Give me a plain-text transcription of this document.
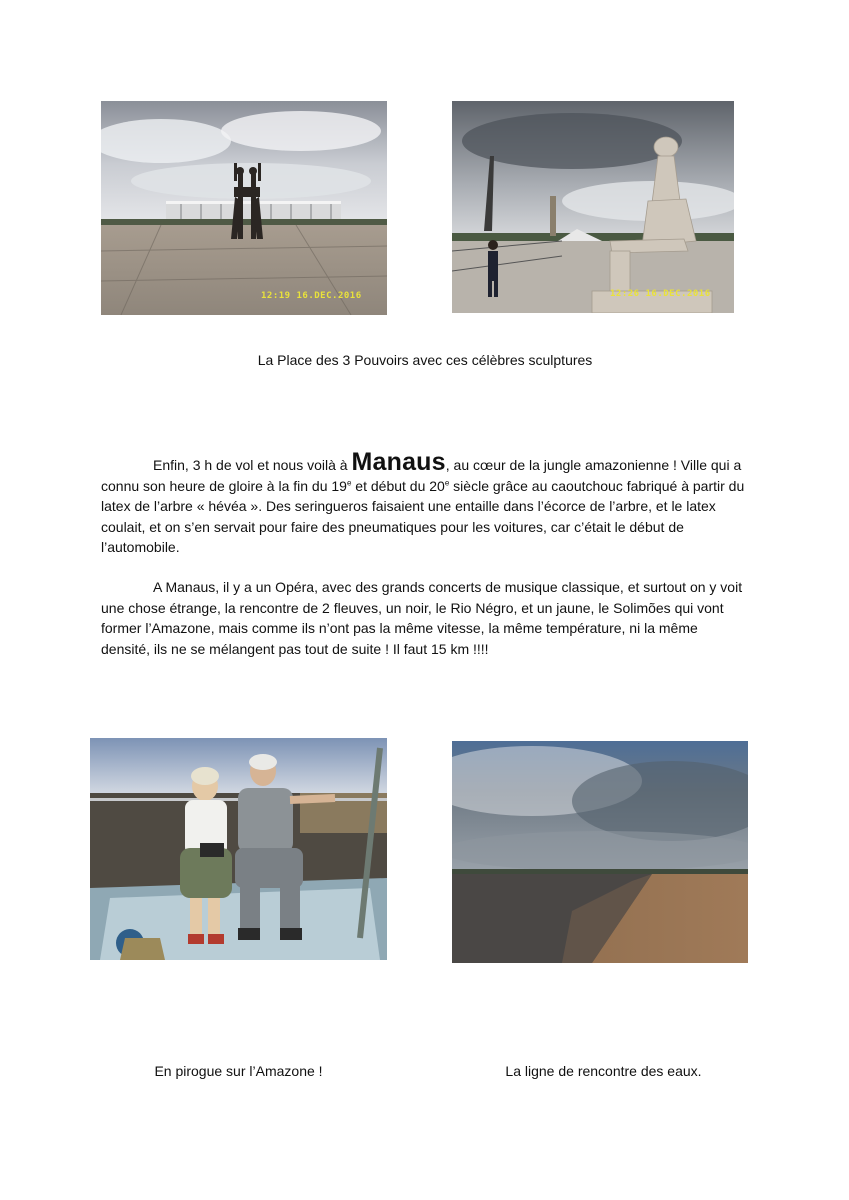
12:19 16.DEC.2016	12:26 16.DEC.2016
La Place des 3 Pouvoirs avec ces célèbres sculptures
Enfin, 3 h de vol et nous voilà à Manaus, au cœur de la jungle amazonienne ! Ville qui a connu son heure de gloire à la fin du 19e et début du 20e siècle grâce au caoutchouc fabriqué à partir du latex de l’arbre « hévéa ». Des seringueros faisaient une entaille dans l’écorce de l’arbre, et le latex coulait, et on s’en servait pour faire des pneumatiques pour les voitures, car c’était le début de l’automobile.
A Manaus, il y a un Opéra, avec des grands concerts de musique classique, et surtout on y voit une chose étrange, la rencontre de 2 fleuves, un noir, le Rio Négro, et un jaune, le Solimões qui vont former l’Amazone, mais comme ils n’ont pas la même vitesse, la même température, ni la même densité, ils ne se mélangent pas tout de suite ! Il faut 15 km !!!!
En pirogue sur l’Amazone !	La ligne de rencontre des eaux.
